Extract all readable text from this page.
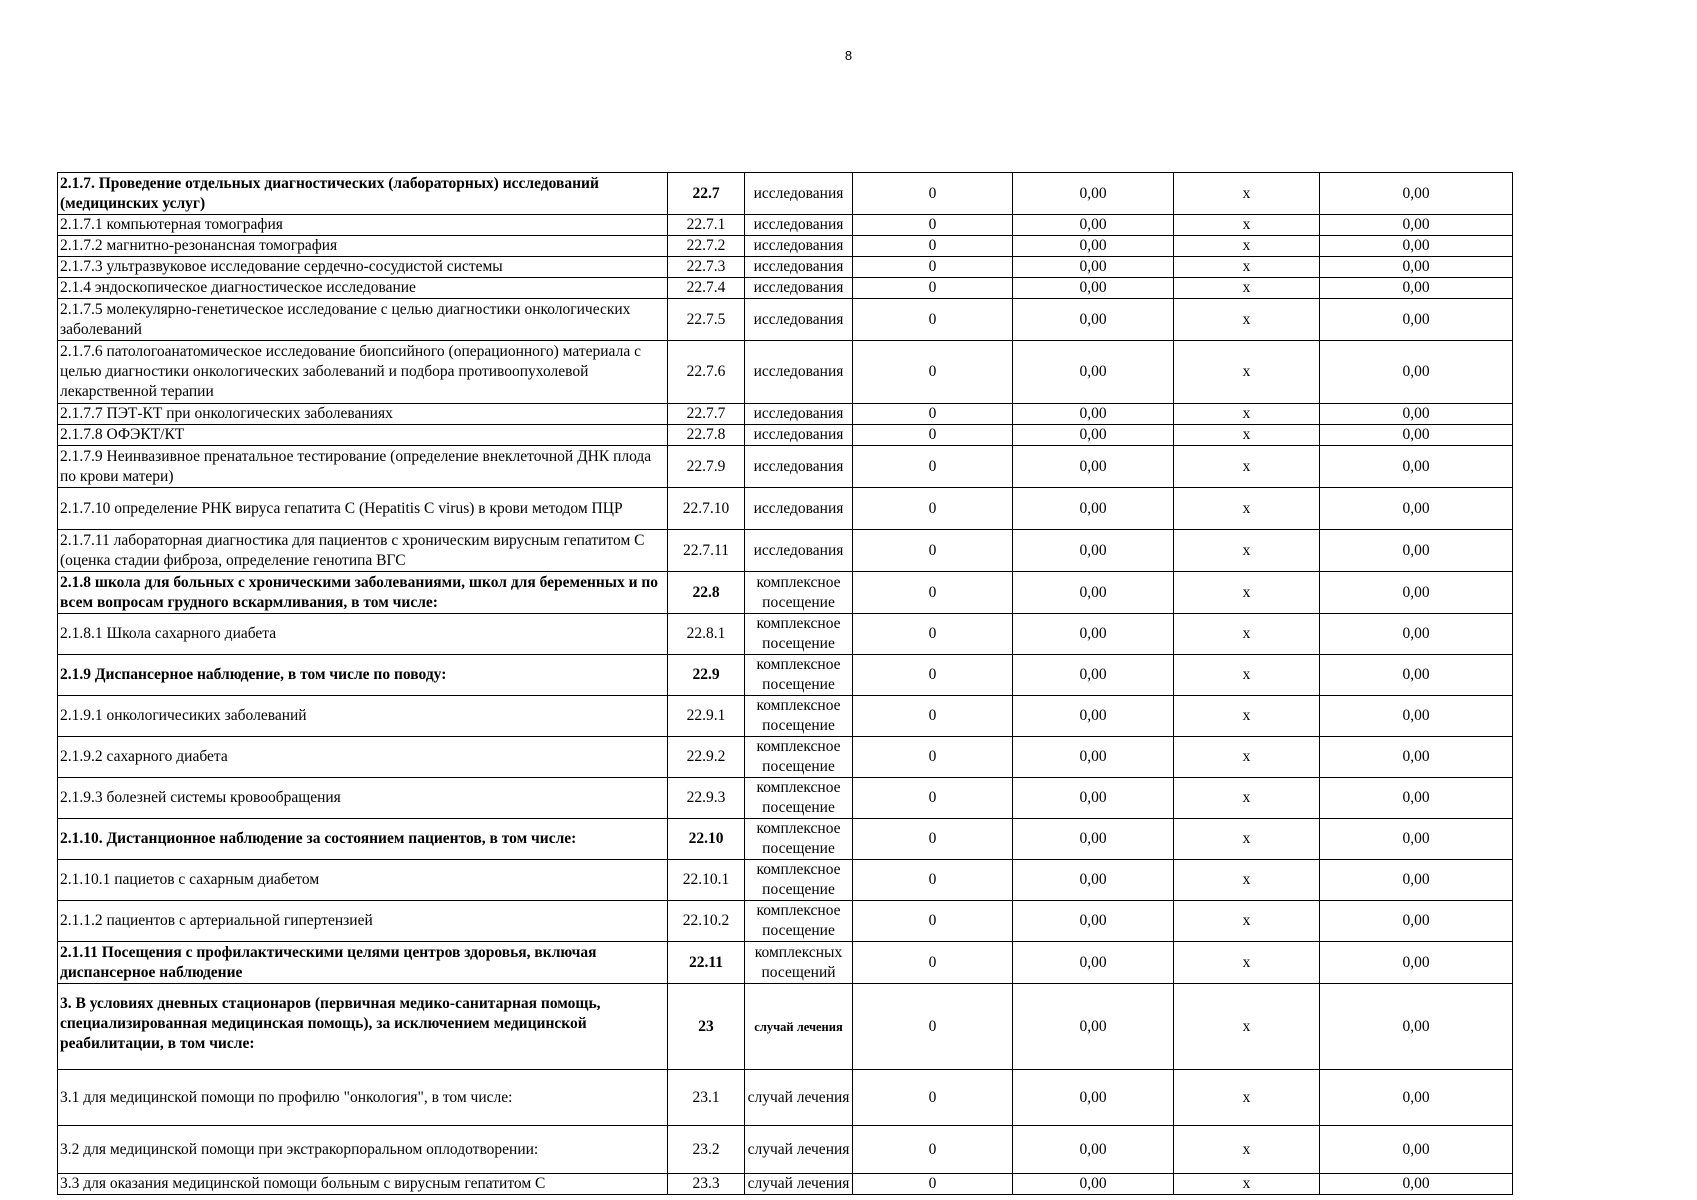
8
2.1.7. Проведение отдельных диагностических (лабораторных) исследований (медицинских услуг)	22.7	исследования	0	0,00	х	0,00
2.1.7.1 компьютерная томография	22.7.1	исследования	0	0,00	х	0,00
2.1.7.2 магнитно-резонансная томография	22.7.2	исследования	0	0,00	х	0,00
2.1.7.3 ультразвуковое исследование сердечно-сосудистой системы	22.7.3	исследования	0	0,00	х	0,00
2.1.4 эндоскопическое диагностическое исследование	22.7.4	исследования	0	0,00	х	0,00
2.1.7.5 молекулярно-генетическое исследование с целью диагностики онкологических заболеваний	22.7.5	исследования	0	0,00	х	0,00
2.1.7.6 патологоанатомическое исследование биопсийного (операционного) материала с целью диагностики онкологических заболеваний и подбора противоопухолевой лекарственной терапии	22.7.6	исследования	0	0,00	х	0,00
2.1.7.7 ПЭТ-КТ при онкологических заболеваниях	22.7.7	исследования	0	0,00	х	0,00
2.1.7.8 ОФЭКТ/КТ	22.7.8	исследования	0	0,00	х	0,00
2.1.7.9 Неинвазивное пренатальное тестирование (определение внеклеточной ДНК плода по крови матери)	22.7.9	исследования	0	0,00	х	0,00
2.1.7.10 определение РНК вируса гепатита С (Hepatitis C virus) в крови методом ПЦР	22.7.10	исследования	0	0,00	х	0,00
2.1.7.11 лабораторная диагностика для пациентов с хроническим вирусным гепатитом С (оценка стадии фиброза, определение генотипа ВГС	22.7.11	исследования	0	0,00	х	0,00
2.1.8 школа для больных с хроническими заболеваниями, школ для беременных и по всем вопросам грудного вскармливания, в том числе:	22.8	комплексное посещение	0	0,00	х	0,00
2.1.8.1 Школа сахарного диабета	22.8.1	комплексное посещение	0	0,00	х	0,00
2.1.9 Диспансерное наблюдение, в том числе по поводу:	22.9	комплексное посещение	0	0,00	х	0,00
2.1.9.1 онкологичесиких заболеваний	22.9.1	комплексное посещение	0	0,00	х	0,00
2.1.9.2 сахарного диабета	22.9.2	комплексное посещение	0	0,00	х	0,00
2.1.9.3 болезней системы кровообращения	22.9.3	комплексное посещение	0	0,00	х	0,00
2.1.10. Дистанционное наблюдение за состоянием пациентов, в том числе:	22.10	комплексное посещение	0	0,00	х	0,00
2.1.10.1 пациетов с сахарным диабетом	22.10.1	комплексное посещение	0	0,00	х	0,00
2.1.1.2 пациентов с артериальной гипертензией	22.10.2	комплексное посещение	0	0,00	х	0,00
2.1.11 Посещения с профилактическими целями центров здоровья, включая диспансерное наблюдение	22.11	комплексных посещений	0	0,00	х	0,00
3. В условиях дневных стационаров (первичная медико-санитарная помощь, специализированная медицинская помощь), за исключением медицинской реабилитации, в том числе:	23	случай лечения	0	0,00	х	0,00
3.1 для медицинской помощи по профилю "онкология", в том числе:	23.1	случай лечения	0	0,00	х	0,00
3.2 для медицинской помощи при экстракорпоральном оплодотворении:	23.2	случай лечения	0	0,00	х	0,00
3.3 для оказания медицинской помощи больным с вирусным гепатитом С	23.3	случай лечения	0	0,00	х	0,00
